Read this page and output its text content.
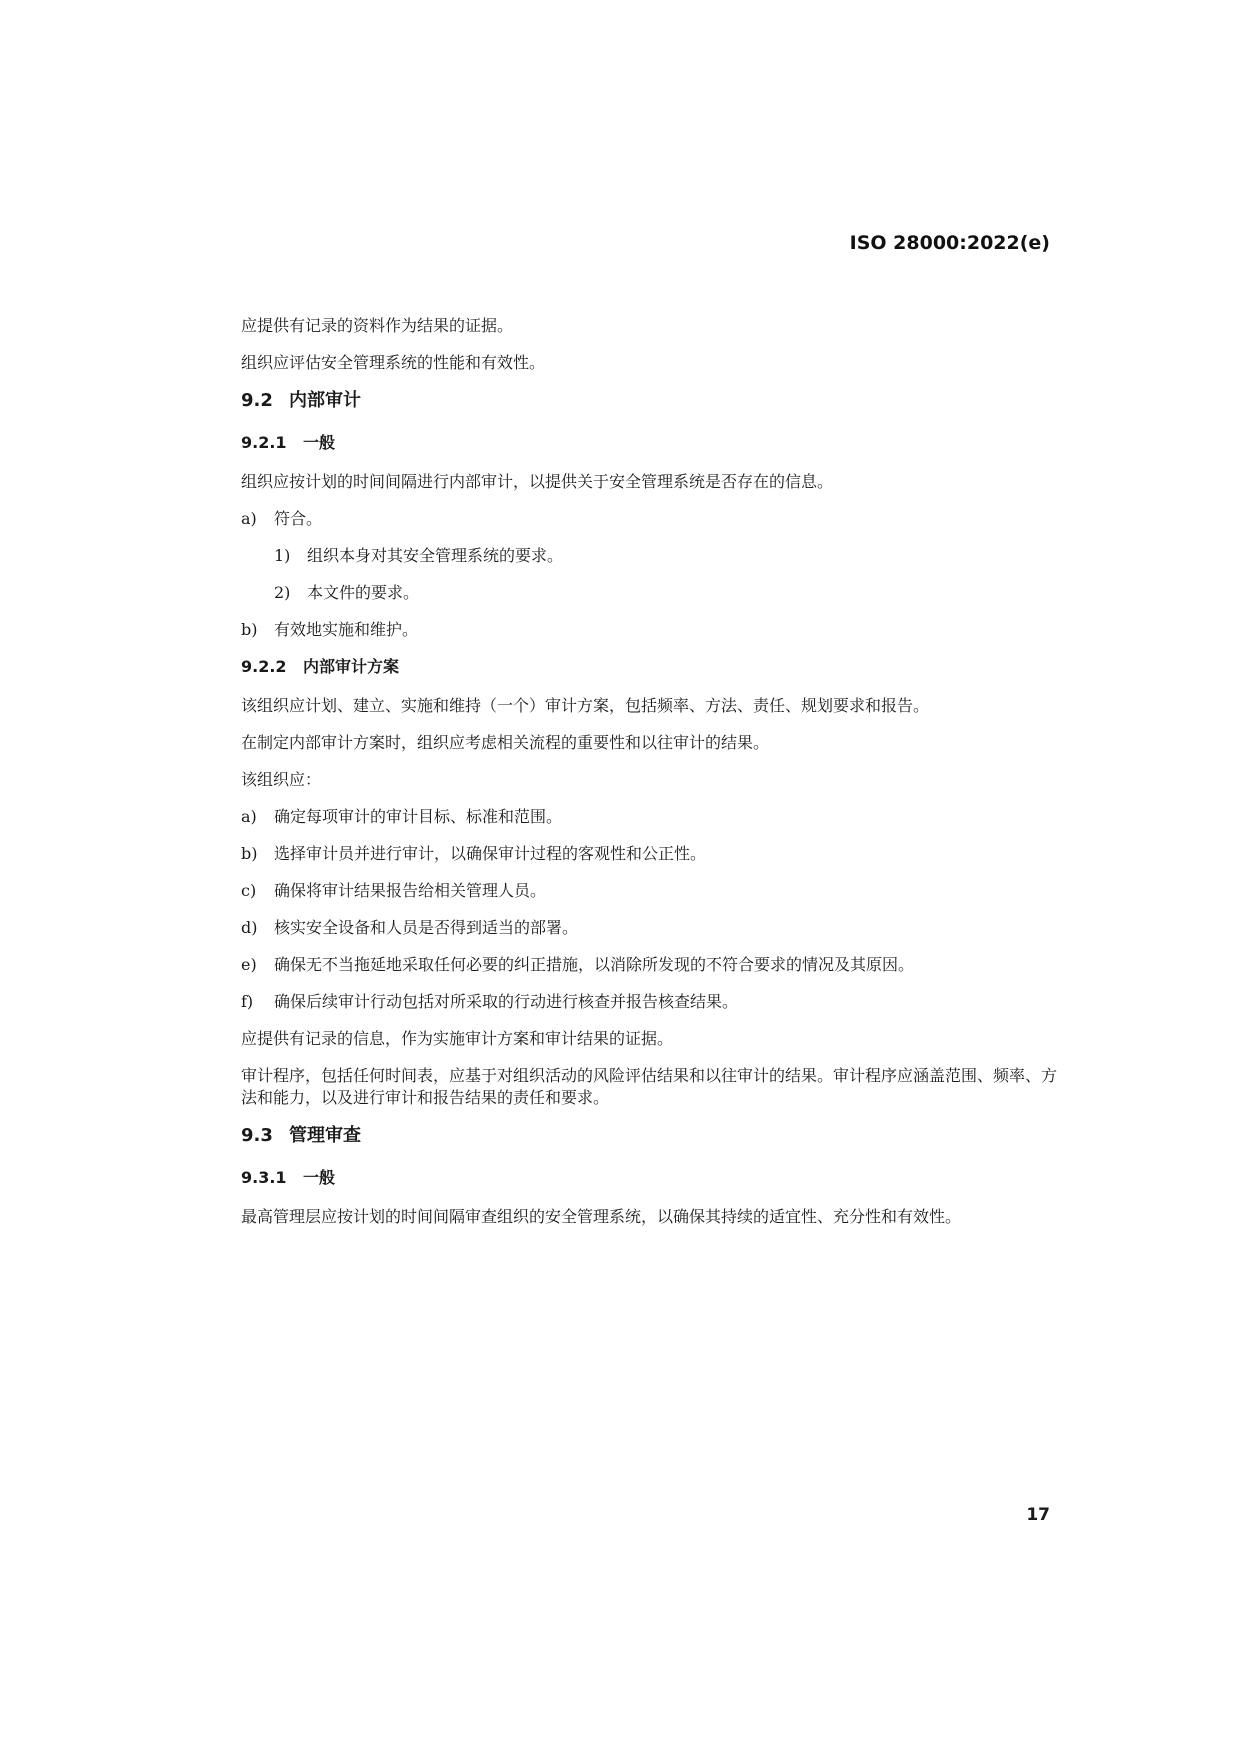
ISO 28000:2022(e)

应提供有记录的资料作为结果的证据。

组织应评估安全管理系统的性能和有效性。

9.2 内部审计
9.2.1 一般

组织应按计划的时间间隔进行内部审计，以提供关于安全管理系统是否存在的信息。

a)	符合。
1)	组织本身对其安全管理系统的要求。
2)	本文件的要求。
b)	有效地实施和维护。
9.2.2 内部审计方案

该组织应计划、建立、实施和维持（一个）审计方案，包括频率、方法、责任、规划要求和报告。

在制定内部审计方案时，组织应考虑相关流程的重要性和以往审计的结果。

该组织应：

a)	确定每项审计的审计目标、标准和范围。
b)	选择审计员并进行审计，以确保审计过程的客观性和公正性。
c)	确保将审计结果报告给相关管理人员。
d)	核实安全设备和人员是否得到适当的部署。
e)	确保无不当拖延地采取任何必要的纠正措施，以消除所发现的不符合要求的情况及其原因。
f)	确保后续审计行动包括对所采取的行动进行核查并报告核查结果。

应提供有记录的信息，作为实施审计方案和审计结果的证据。

审计程序，包括任何时间表，应基于对组织活动的风险评估结果和以往审计的结果。审计程序应涵盖范围、频率、方法和能力，以及进行审计和报告结果的责任和要求。

9.3 管理审查
9.3.1 一般

最高管理层应按计划的时间间隔审查组织的安全管理系统，以确保其持续的适宜性、充分性和有效性。

17
